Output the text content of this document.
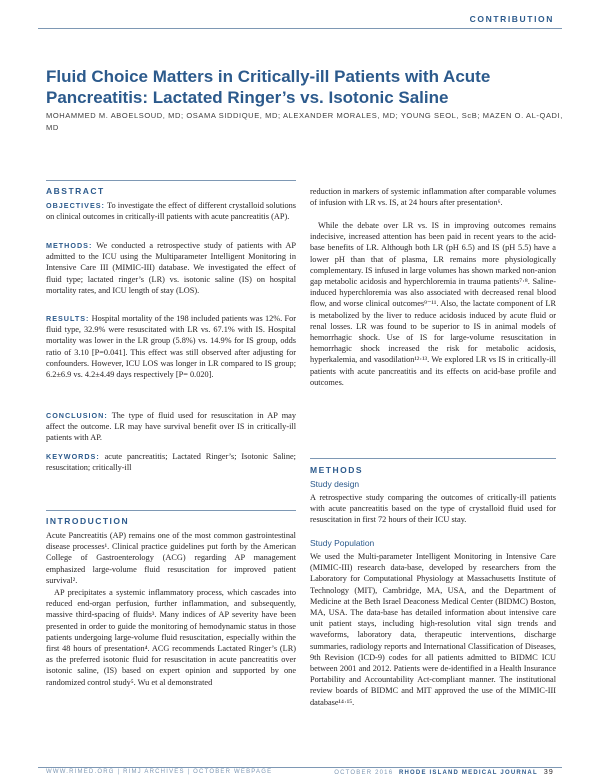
CONTRIBUTION
Fluid Choice Matters in Critically-ill Patients with Acute Pancreatitis: Lactated Ringer’s vs. Isotonic Saline

MOHAMMED M. ABOELSOUD, MD; OSAMA SIDDIQUE, MD; ALEXANDER MORALES, MD; YOUNG SEOL, ScB; MAZEN O. AL-QADI, MD

ABSTRACT

OBJECTIVES: To investigate the effect of different crystalloid solutions on clinical outcomes in critically-ill patients with acute pancreatitis (AP).

METHODS: We conducted a retrospective study of patients with AP admitted to the ICU using the Multiparameter Intelligent Monitoring in Intensive Care III (MIMIC-III) database. We investigated the effect of fluid type; lactated ringer’s (LR) vs. isotonic saline (IS) on hospital mortality rates, and ICU length of stay (LOS).

RESULTS: Hospital mortality of the 198 included patients was 12%. For fluid type, 32.9% were resuscitated with LR vs. 67.1% with IS. Hospital mortality was lower in the LR group (5.8%) vs. 14.9% for IS group, odds ratio of 3.10 [P=0.041]. This effect was still observed after adjusting for confounders. However, ICU LOS was longer in LR compared to IS group; 6.2±6.9 vs. 4.2±4.49 days respectively [P= 0.020].

CONCLUSION: The type of fluid used for resuscitation in AP may affect the outcome. LR may have survival benefit over IS in critically-ill patients with AP.

KEYWORDS: acute pancreatitis; Lactated Ringer’s; Isotonic Saline; resuscitation; critically-ill

INTRODUCTION

Acute Pancreatitis (AP) remains one of the most common gastrointestinal disease processes¹. Clinical practice guidelines put forth by the American College of Gastroenterology (ACG) regarding AP management emphasized large-volume fluid resuscitation for improved patient survival².

AP precipitates a systemic inflammatory process, which cascades into reduced end-organ perfusion, further inflammation, and subsequently, massive third-spacing of fluids³. Many indices of AP severity have been presented in order to guide the monitoring of hemodynamic status in those patients undergoing large-volume fluid resuscitation, especially within the first 48 hours of presentation⁴. ACG recommends Lactated Ringer’s (LR) as the preferred isotonic fluid for resuscitation in acute pancreatitis over isotonic saline, (IS) based on expert opinion and supported by one randomized control study⁵. Wu et al demonstrated

reduction in markers of systemic inflammation after comparable volumes of infusion with LR vs. IS, at 24 hours after presentation⁶.

While the debate over LR vs. IS in improving outcomes remains indecisive, increased attention has been paid in recent years to the acid-base benefits of LR. Although both LR (pH 6.5) and IS (pH 5.5) have a lower pH than that of plasma, LR remains more physiologically complementary. IS infused in large volumes has shown marked non-anion gap metabolic acidosis and hyperchloremia in trauma patients⁷·⁸. Saline-induced hyperchloremia was also associated with decreased renal blood flow, and worse clinical outcomes⁹⁻¹¹. Also, the lactate component of LR is metabolized by the liver to reduce acidosis induced by acute fluid or renal losses. LR was found to be superior to IS in animal models of hemorrhagic shock. Use of IS for large-volume resuscitation in hemorrhagic shock increased the risk for metabolic acidosis, hyperkalemia, and vasodilation¹²·¹³. We explored LR vs IS in critically-ill patients with acute pancreatitis and its effects on acid-base profile and outcomes.

METHODS
Study design

A retrospective study comparing the outcomes of critically-ill patients with acute pancreatitis based on the type of crystalloid fluid used for resuscitation in first 72 hours of their ICU stay.

Study Population

We used the Multi-parameter Intelligent Monitoring in Intensive Care (MIMIC-III) research data-base, developed by researchers from the Laboratory for Computational Physiology at Massachusetts Institute of Technology (MIT), Cambridge, MA, USA, and the Department of Medicine at the Beth Israel Deaconess Medical Center (BIDMC) Boston, MA, USA. The data-base has detailed information about intensive care unit patient stays, including high-resolution vital sign trends and waveforms, laboratory data, therapeutic interventions, discharge summaries, radiology reports and International Classification of Diseases, 9th Revision (ICD-9) codes for all patients admitted to BIDMC ICU between 2001 and 2012. Patients were de-identified in a Health Insurance Portability and Accountability Act-compliant manner. The institutional review boards of BIDMC and MIT approved the use of the MIMIC-III database¹⁴·¹⁵.

WWW.RIMED.ORG | RIMJ ARCHIVES | OCTOBER WEBPAGE	OCTOBER 2016 RHODE ISLAND MEDICAL JOURNAL 39
